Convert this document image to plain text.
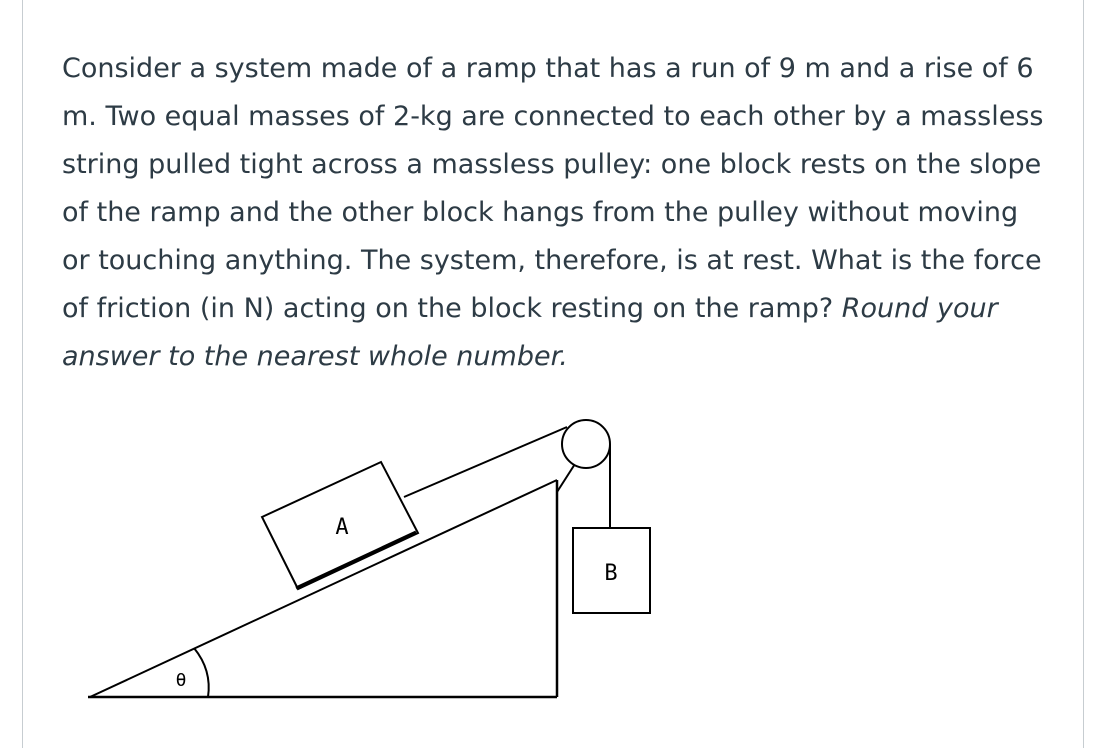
Consider a system made of a ramp that has a run of 9 m and a rise of 6 m. Two equal masses of 2-kg are connected to each other by a massless string pulled tight across a massless pulley: one block rests on the slope of the ramp and the other block hangs from the pulley without moving or touching anything. The system, therefore, is at rest. What is the force of friction (in N) acting on the block resting on the ramp? Round your answer to the nearest whole number.

A
B
θ
